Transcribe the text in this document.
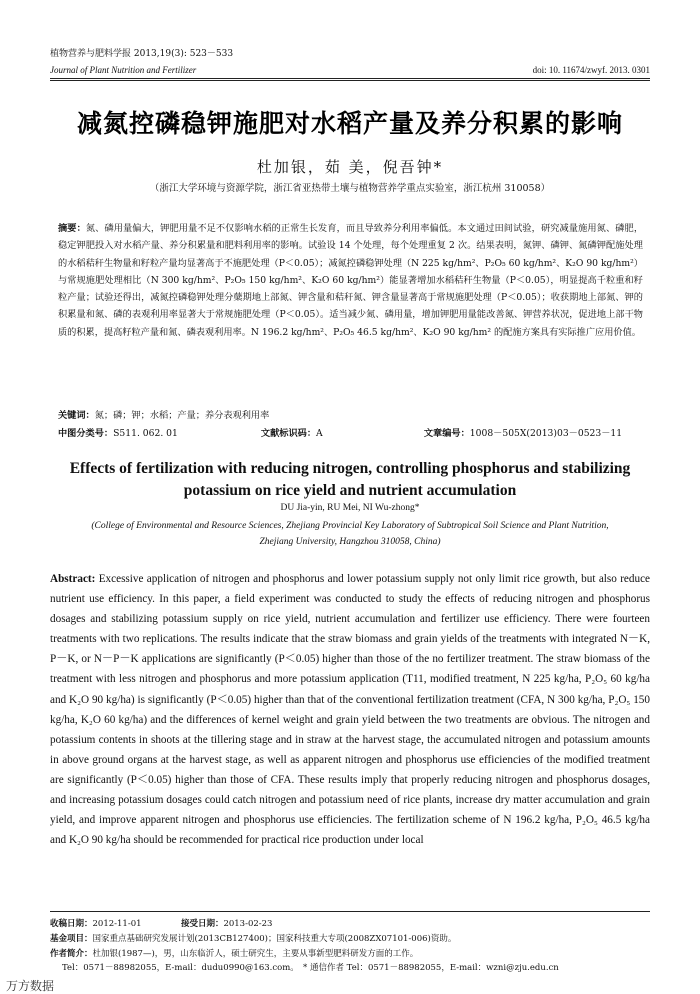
植物营养与肥料学报 2013,19(3): 523－533
Journal of Plant Nutrition and Fertilizer	doi: 10. 11674/zwyf. 2013. 0301
减氮控磷稳钾施肥对水稻产量及养分积累的影响
杜加银，茹 美，倪吾钟*
（浙江大学环境与资源学院，浙江省亚热带土壤与植物营养学重点实验室，浙江杭州 310058）
摘要：氮、磷用量偏大，钾肥用量不足不仅影响水稻的正常生长发育，而且导致养分利用率偏低。本文通过田间试验，研究减量施用氮、磷肥，稳定钾肥投入对水稻产量、养分积累量和肥料利用率的影响。试验设 14 个处理，每个处理重复 2 次。结果表明，氮钾、磷钾、氮磷钾配施处理的水稻秸秆生物量和籽粒产量均显著高于不施肥处理（P＜0.05）；减氮控磷稳钾处理（N 225 kg/hm²、P₂O₅ 60 kg/hm²、K₂O 90 kg/hm²）与常规施肥处理相比（N 300 kg/hm²、P₂O₅ 150 kg/hm²、K₂O 60 kg/hm²）能显著增加水稻秸秆生物量（P＜0.05），明显提高千粒重和籽粒产量；试验还得出，减氮控磷稳钾处理分蘖期地上部氮、钾含量和秸秆氮、钾含量显著高于常规施肥处理（P＜0.05）；收获期地上部氮、钾的积累量和氮、磷的表观利用率显著大于常规施肥处理（P＜0.05）。适当减少氮、磷用量，增加钾肥用量能改善氮、钾营养状况，促进地上部干物质的积累，提高籽粒产量和氮、磷表观利用率。N 196.2 kg/hm²、P₂O₅ 46.5 kg/hm²、K₂O 90 kg/hm² 的配施方案具有实际推广应用价值。
关键词：氮；磷；钾；水稻；产量；养分表观利用率
中图分类号：S511. 062. 01	文献标识码：A	文章编号：1008－505X(2013)03－0523－11
Effects of fertilization with reducing nitrogen, controlling phosphorus and stabilizing potassium on rice yield and nutrient accumulation
DU Jia-yin, RU Mei, NI Wu-zhong*
(College of Environmental and Resource Sciences, Zhejiang Provincial Key Laboratory of Subtropical Soil Science and Plant Nutrition, Zhejiang University, Hangzhou 310058, China)
Abstract: Excessive application of nitrogen and phosphorus and lower potassium supply not only limit rice growth, but also reduce nutrient use efficiency. In this paper, a field experiment was conducted to study the effects of reducing nitrogen and phosphorus dosages and stabilizing potassium supply on rice yield, nutrient accumulation and fertilizer use efficiency. There were fourteen treatments with two replications. The results indicate that the straw biomass and grain yields of the treatments with integrated N－K, P－K, or N－P－K applications are significantly (P＜0.05) higher than those of the no fertilizer treatment. The straw biomass of the treatment with less nitrogen and phosphorus and more potassium application (T11, modified treatment, N 225 kg/ha, P₂O₅ 60 kg/ha and K₂O 90 kg/ha) is significantly (P＜0.05) higher than that of the conventional fertilization treatment (CFA, N 300 kg/ha, P₂O₅ 150 kg/ha, K₂O 60 kg/ha) and the differences of kernel weight and grain yield between the two treatments are obvious. The nitrogen and potassium contents in shoots at the tillering stage and in straw at the harvest stage, the accumulated nitrogen and potassium amounts in above ground organs at the harvest stage, as well as apparent nitrogen and phosphorus use efficiencies of the modified treatment are significantly (P＜0.05) higher than those of CFA. These results imply that properly reducing nitrogen and phosphorus dosages, and increasing potassium dosages could catch nitrogen and potassium need of rice plants, increase dry matter accumulation and grain yield, and improve apparent nitrogen and phosphorus use efficiencies. The fertilization scheme of N 196.2 kg/ha, P₂O₅ 46.5 kg/ha and K₂O 90 kg/ha should be recommended for practical rice production under local
收稿日期：2012-11-01	接受日期：2013-02-23
基金项目：国家重点基础研究发展计划(2013CB127400)；国家科技重大专项(2008ZX07101-006)资助。
作者简介：杜加银(1987—)，男，山东临沂人，硕士研究生，主要从事新型肥料研发方面的工作。
Tel：0571－88982055，E-mail：dudu0990@163.com。　* 通信作者 Tel：0571－88982055，E-mail：wzni@zju.edu.cn
万方数据
